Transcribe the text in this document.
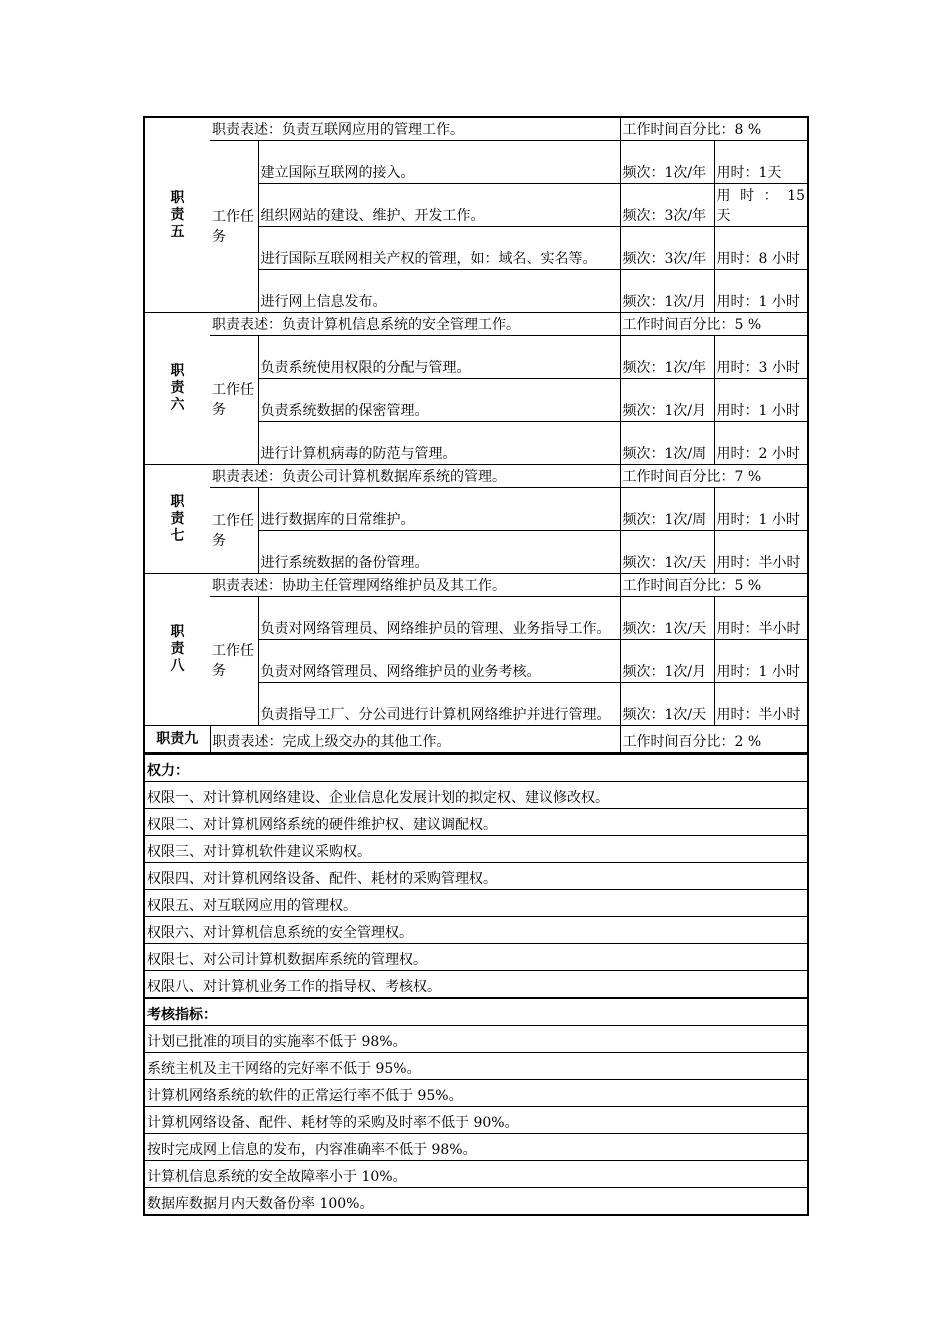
职
责
五	职责表述：负责互联网应用的管理工作。		工作时间百分比：8 %	
	工作任务	建立国际互联网的接入。	频次：1次/年	用时：1天
		组织网站的建设、维护、开发工作。	频次：3次/年	用 时 ： 15 天
		进行国际互联网相关产权的管理，如：域名、实名等。	频次：3次/年	用时：8 小时
		进行网上信息发布。	频次：1次/月	用时：1 小时

职
责
六	职责表述：负责计算机信息系统的安全管理工作。		工作时间百分比：5 %	
	工作任务	负责系统使用权限的分配与管理。	频次：1次/年	用时：3 小时
		负责系统数据的保密管理。	频次：1次/月	用时：1 小时
		进行计算机病毒的防范与管理。	频次：1次/周	用时：2 小时

职
责
七	职责表述：负责公司计算机数据库系统的管理。		工作时间百分比：7 %	
	工作任务	进行数据库的日常维护。	频次：1次/周	用时：1 小时
		进行系统数据的备份管理。	频次：1次/天	用时：半小时

职
责
八	职责表述：协助主任管理网络维护员及其工作。		工作时间百分比：5 %	
	工作任务	负责对网络管理员、网络维护员的管理、业务指导工作。	频次：1次/天	用时：半小时
		负责对网络管理员、网络维护员的业务考核。	频次：1次/月	用时：1 小时
		负责指导工厂、分公司进行计算机网络维护并进行管理。	频次：1次/天	用时：半小时
职责九	职责表述：完成上级交办的其他工作。		工作时间百分比：2 %	
权力：
权限一、对计算机网络建设、企业信息化发展计划的拟定权、建议修改权。
权限二、对计算机网络系统的硬件维护权、建议调配权。
权限三、对计算机软件建议采购权。
权限四、对计算机网络设备、配件、耗材的采购管理权。
权限五、对互联网应用的管理权。
权限六、对计算机信息系统的安全管理权。
权限七、对公司计算机数据库系统的管理权。
权限八、对计算机业务工作的指导权、考核权。
考核指标：
计划已批准的项目的实施率不低于 98%。
系统主机及主干网络的完好率不低于 95%。
计算机网络系统的软件的正常运行率不低于 95%。
计算机网络设备、配件、耗材等的采购及时率不低于 90%。
按时完成网上信息的发布，内容准确率不低于 98%。
计算机信息系统的安全故障率小于 10%。
数据库数据月内天数备份率 100%。
